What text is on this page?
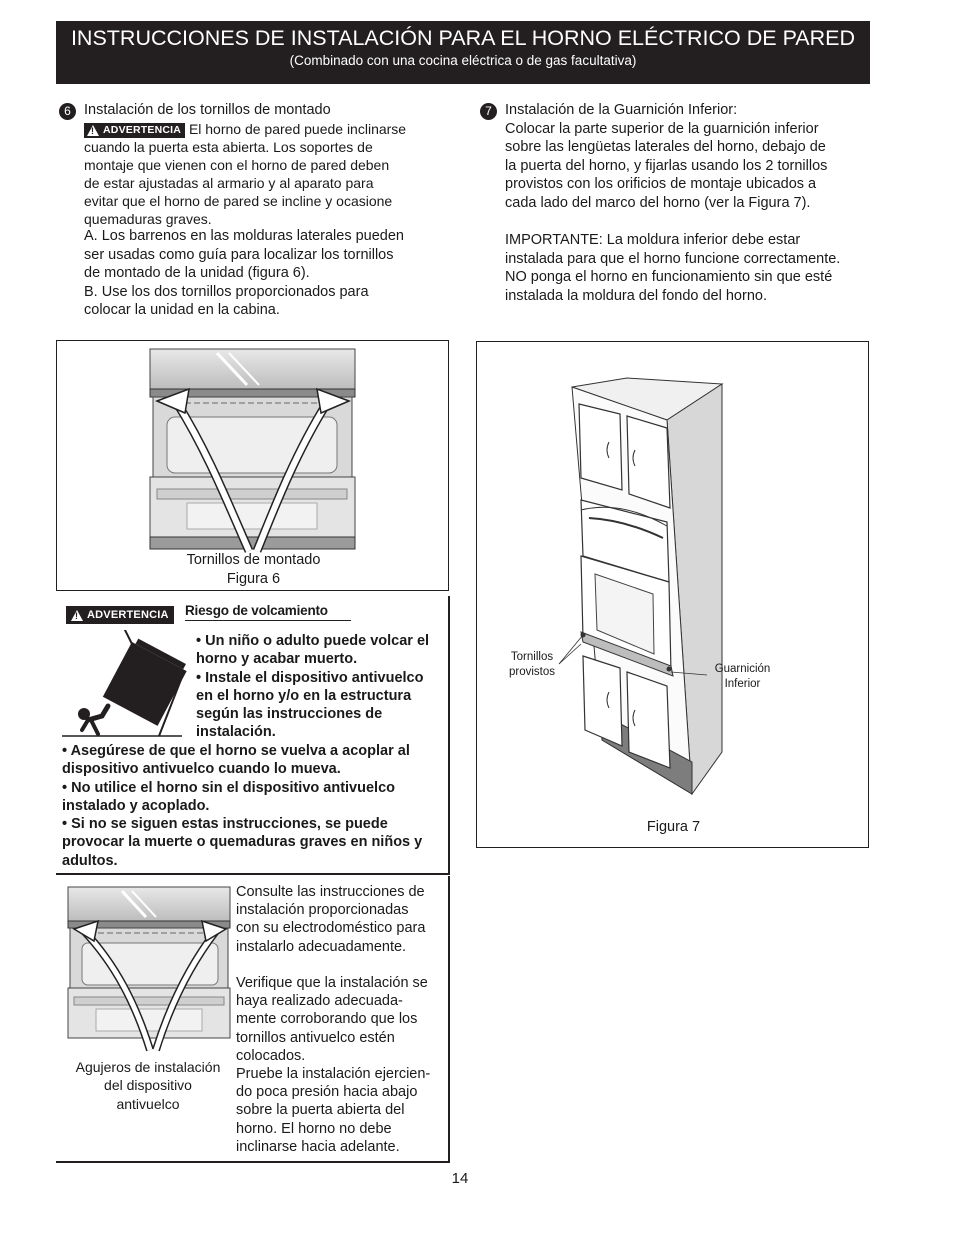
INSTRUCCIONES DE INSTALACIÓN PARA EL HORNO ELÉCTRICO DE PARED
(Combinado con una cocina eléctrica o de gas facultativa)
6 Instalación de los tornillos de montado

!
ADVERTENCIA El horno de pared puede inclinarse
cuando la puerta esta abierta. Los soportes de
montaje que vienen con el horno de pared deben
de estar ajustadas al armario y al aparato para
evitar que el horno de pared se incline y ocasione
quemaduras graves.

A. Los barrenos en las molduras laterales pueden

ser usadas como guía para localizar los tornillos

de montado de la unidad (figura 6).

B. Use los dos tornillos proporcionados para

colocar la unidad en la cabina.

7 Instalación de la Guarnición Inferior:

Colocar la parte superior de la guarnición inferior

sobre las lengüetas laterales del horno, debajo de

la puerta del horno, y fijarlas usando los 2 tornillos

provistos con los orificios de montaje ubicados a

cada lado del marco del horno (ver la Figura 7).

IMPORTANTE: La moldura inferior debe estar

instalada para que el horno funcione correctamente.

NO ponga el horno en funcionamiento sin que esté

instalada la moldura del fondo del horno.

Tornillos de montado
Figura 6
!
ADVERTENCIA Riesgo de volcamiento

• Un niño o adulto puede volcar el

horno y acabar muerto.

• Instale el dispositivo antivuelco

en el horno y/o en la estructura

según las instrucciones de

instalación.

• Asegúrese de que el horno se vuelva a acoplar al

dispositivo antivuelco cuando lo mueva.

• No utilice el horno sin el dispositivo antivuelco

instalado y acoplado.

• Si no se siguen estas instrucciones, se puede

provocar la muerte o quemaduras graves en niños y

adultos.

Agujeros de instalación
del dispositivo
antivuelco

Consulte las instrucciones de

instalación proporcionadas

con su electrodoméstico para

instalarlo adecuadamente.

Verifique que la instalación se

haya realizado adecuada-

mente corroborando que los

tornillos antivuelco estén

colocados.

Pruebe la instalación ejercien-

do poca presión hacia abajo

sobre la puerta abierta del

horno. El horno no debe

inclinarse hacia adelante.

Tornillos
provistos	Guarnición
Inferior
Figura 7
14
